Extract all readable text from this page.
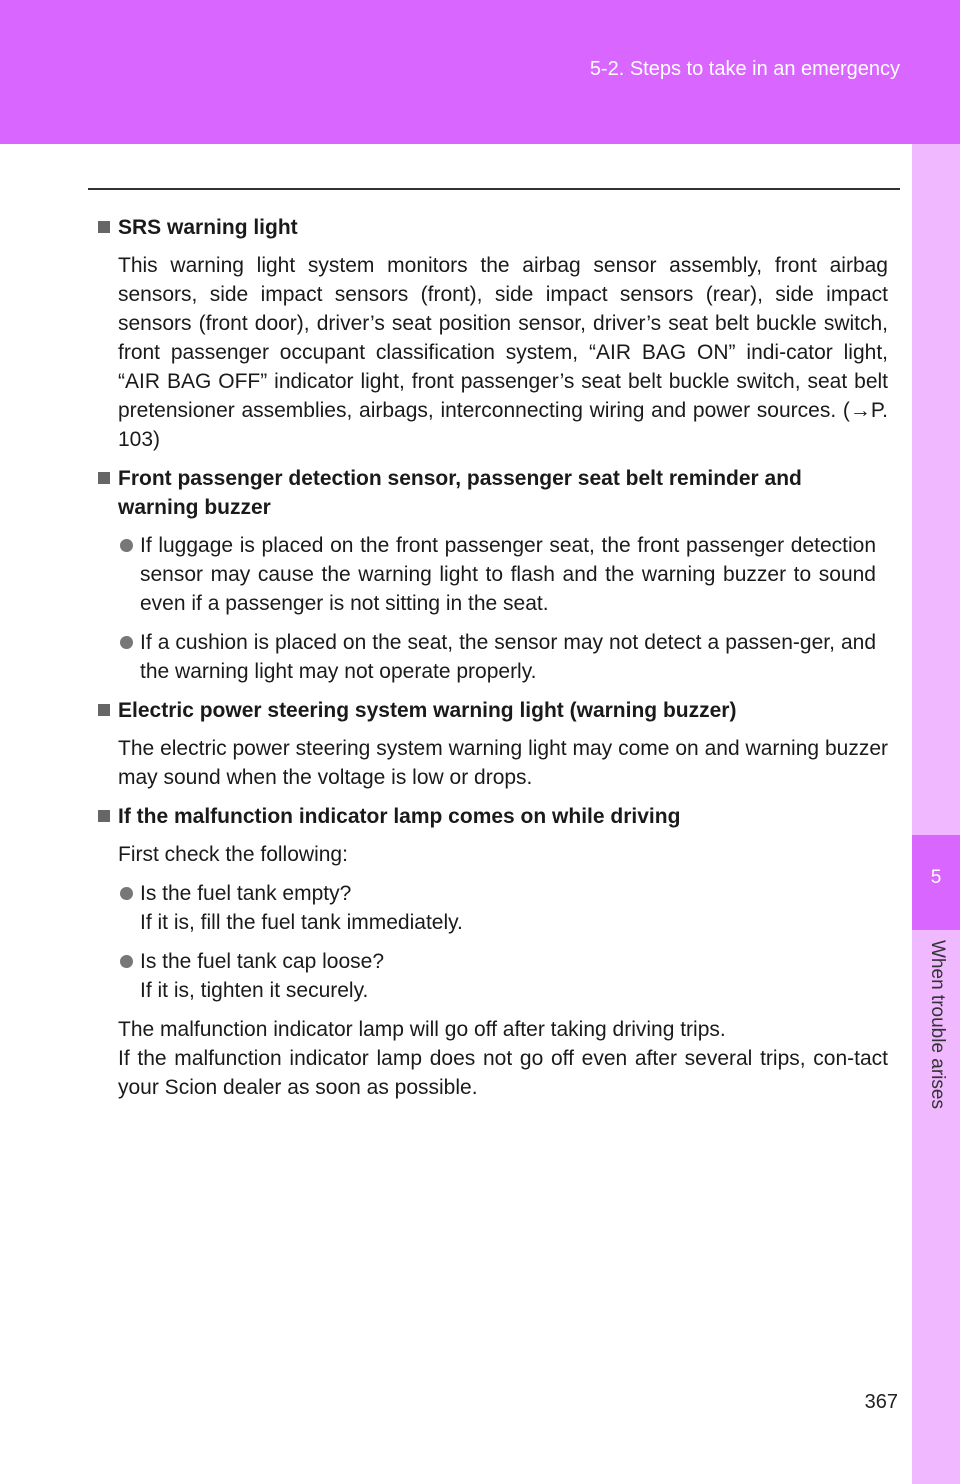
5-2. Steps to take in an emergency
5
When trouble arises
SRS warning light
This warning light system monitors the airbag sensor assembly, front airbag sensors, side impact sensors (front), side impact sensors (rear), side impact sensors (front door), driver’s seat position sensor, driver’s seat belt buckle switch, front passenger occupant classification system, “AIR BAG ON” indi-cator light, “AIR BAG OFF” indicator light, front passenger’s seat belt buckle switch, seat belt pretensioner assemblies, airbags, interconnecting wiring and power sources. (→P. 103)
Front passenger detection sensor, passenger seat belt reminder and warning buzzer
If luggage is placed on the front passenger seat, the front passenger detection sensor may cause the warning light to flash and the warning buzzer to sound even if a passenger is not sitting in the seat.
If a cushion is placed on the seat, the sensor may not detect a passen-ger, and the warning light may not operate properly.
Electric power steering system warning light (warning buzzer)
The electric power steering system warning light may come on and warning buzzer may sound when the voltage is low or drops.
If the malfunction indicator lamp comes on while driving
First check the following:
Is the fuel tank empty?
If it is, fill the fuel tank immediately.
Is the fuel tank cap loose?
If it is, tighten it securely.
The malfunction indicator lamp will go off after taking driving trips.
If the malfunction indicator lamp does not go off even after several trips, con-tact your Scion dealer as soon as possible.
367
